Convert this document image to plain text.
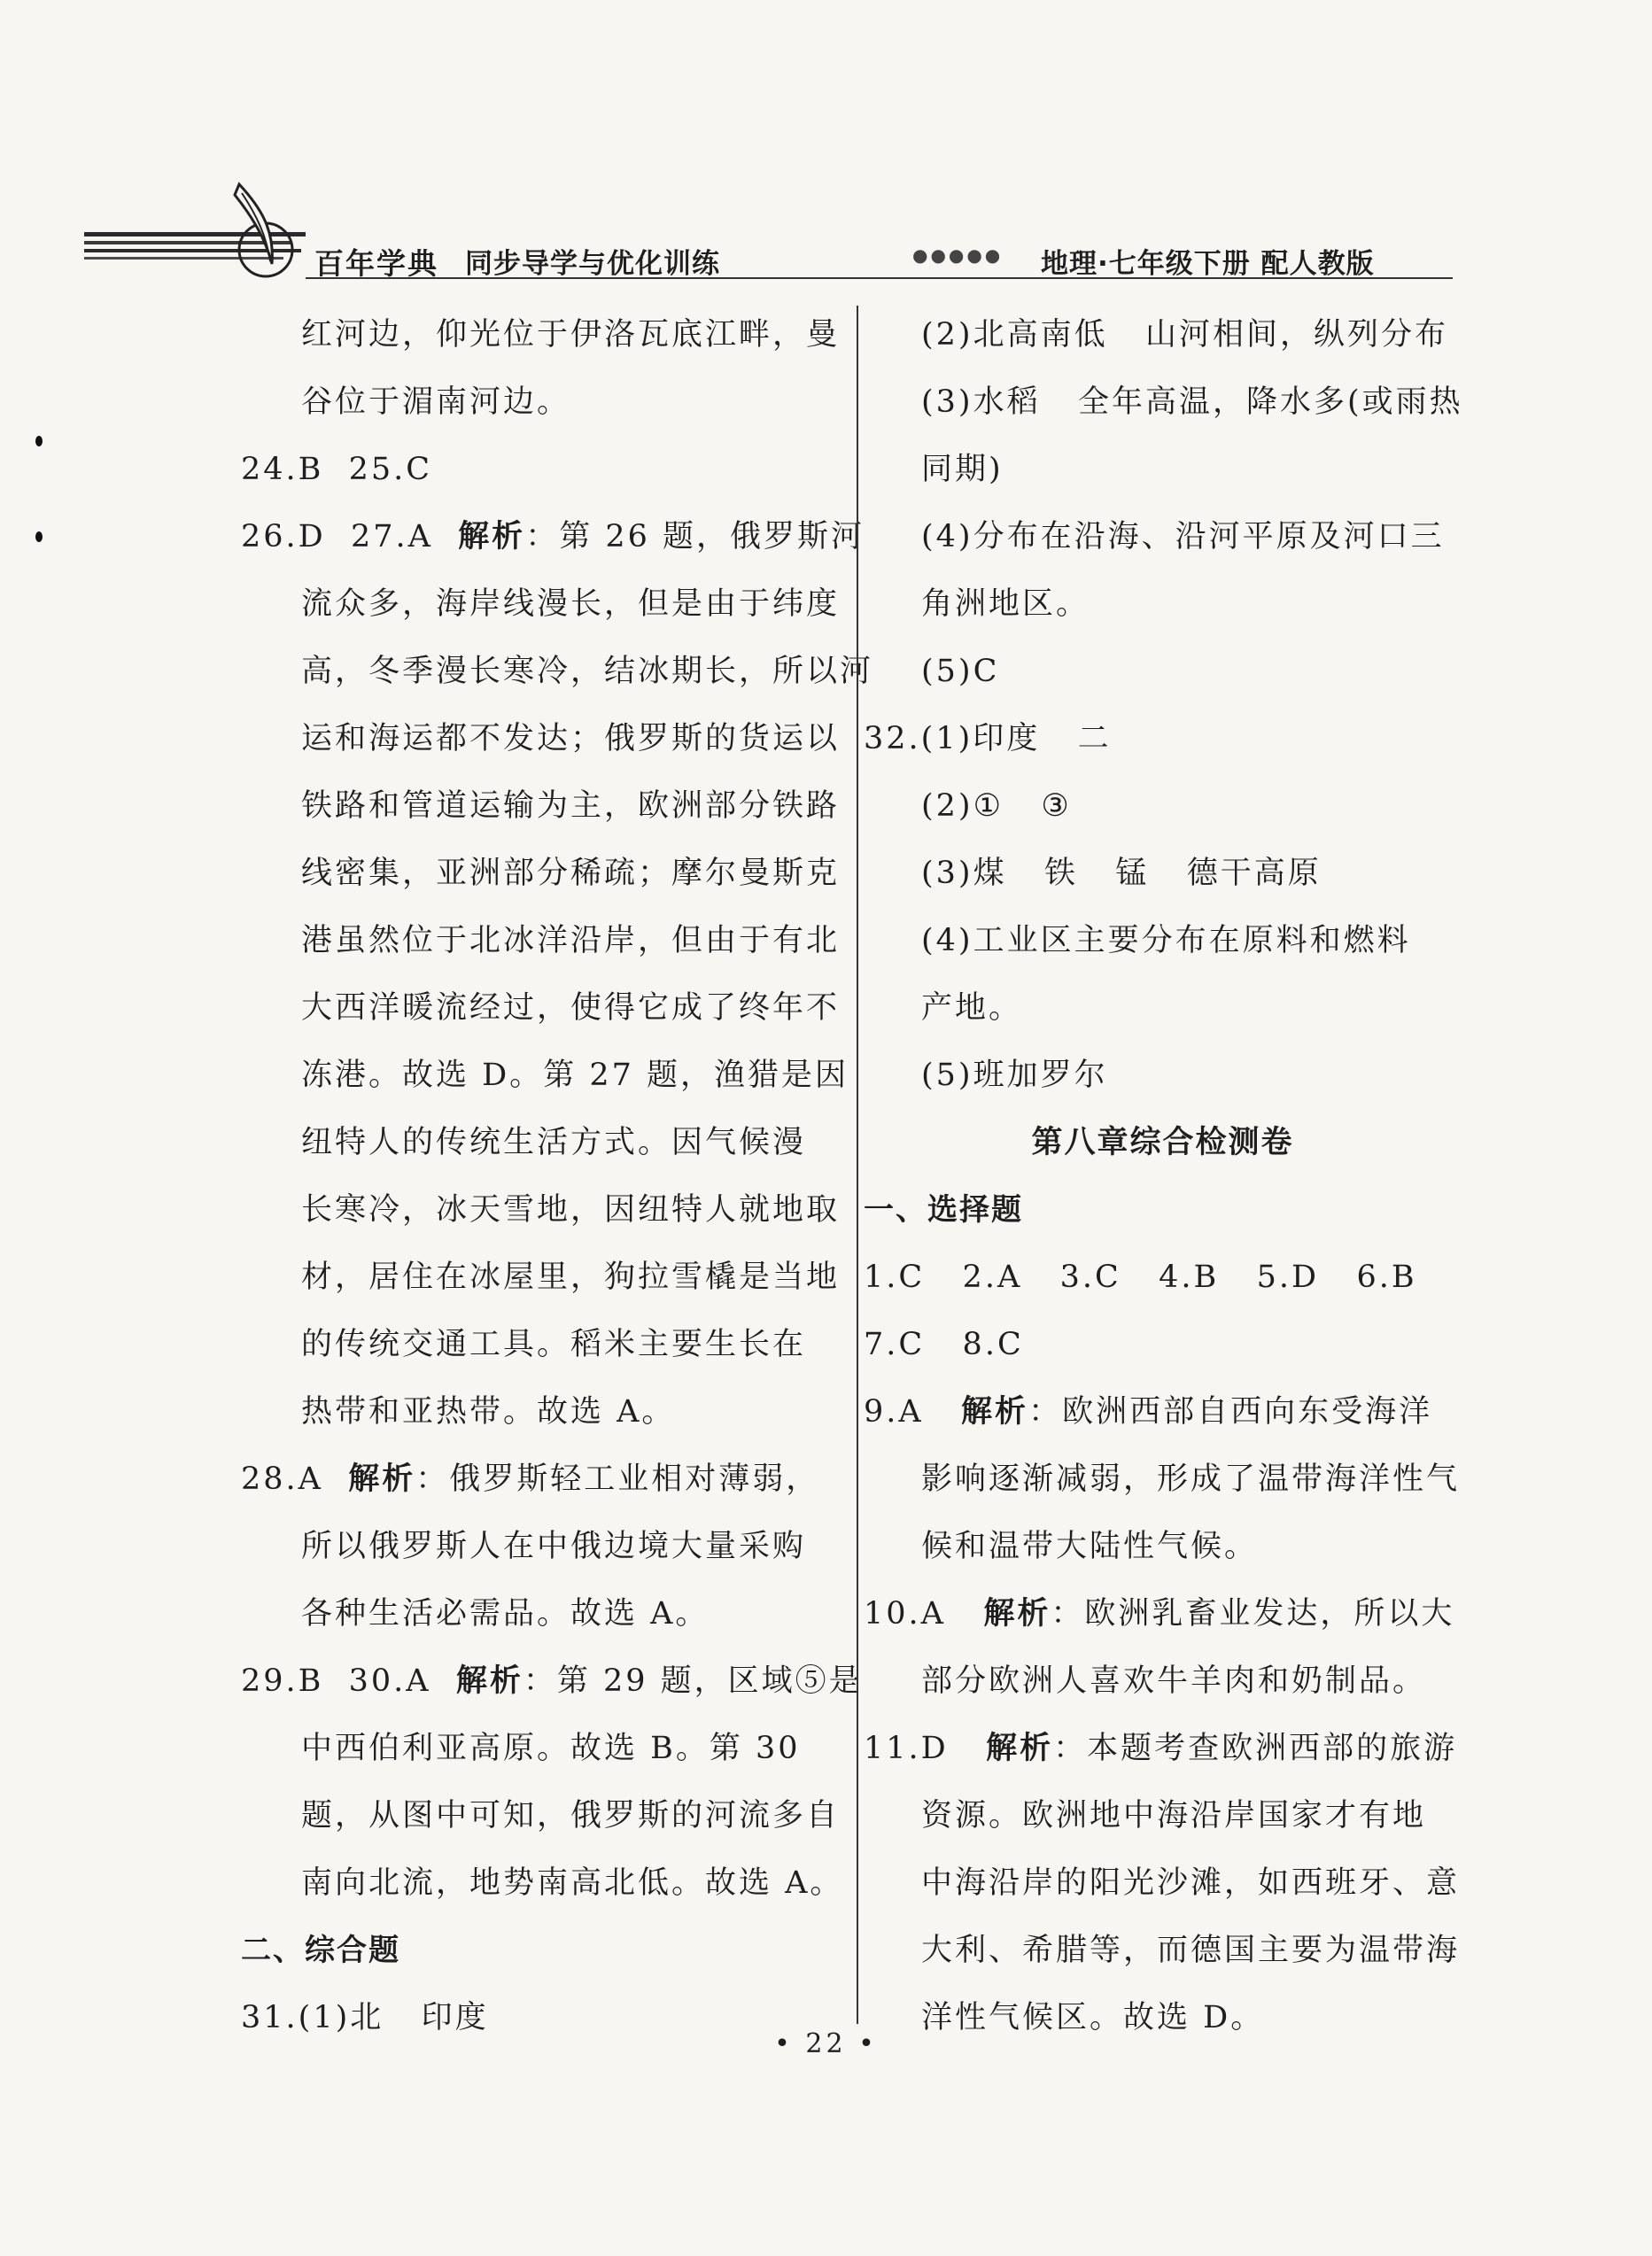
百年学典 同步导学与优化训练	●●●●● 地理·七年级下册 配人教版
红河边，仰光位于伊洛瓦底江畔，曼
谷位于湄南河边。
24.B  25.C
26.D  27.A  解析：第 26 题，俄罗斯河
流众多，海岸线漫长，但是由于纬度
高，冬季漫长寒冷，结冰期长，所以河
运和海运都不发达；俄罗斯的货运以
铁路和管道运输为主，欧洲部分铁路
线密集，亚洲部分稀疏；摩尔曼斯克
港虽然位于北冰洋沿岸，但由于有北
大西洋暖流经过，使得它成了终年不
冻港。故选 D。第 27 题，渔猎是因
纽特人的传统生活方式。因气候漫
长寒冷，冰天雪地，因纽特人就地取
材，居住在冰屋里，狗拉雪橇是当地
的传统交通工具。稻米主要生长在
热带和亚热带。故选 A。
28.A  解析：俄罗斯轻工业相对薄弱，
所以俄罗斯人在中俄边境大量采购
各种生活必需品。故选 A。
29.B  30.A  解析：第 29 题，区域⑤是
中西伯利亚高原。故选 B。第 30
题，从图中可知，俄罗斯的河流多自
南向北流，地势南高北低。故选 A。
二、综合题
31.(1)北   印度
(2)北高南低   山河相间，纵列分布
(3)水稻   全年高温，降水多(或雨热
同期)
(4)分布在沿海、沿河平原及河口三
角洲地区。
(5)C
32.(1)印度   二
(2)①   ③
(3)煤   铁   锰   德干高原
(4)工业区主要分布在原料和燃料
产地。
(5)班加罗尔
第八章综合检测卷
一、选择题
1.C   2.A   3.C   4.B   5.D   6.B
7.C   8.C
9.A   解析：欧洲西部自西向东受海洋
影响逐渐减弱，形成了温带海洋性气
候和温带大陆性气候。
10.A   解析：欧洲乳畜业发达，所以大
部分欧洲人喜欢牛羊肉和奶制品。
11.D   解析：本题考查欧洲西部的旅游
资源。欧洲地中海沿岸国家才有地
中海沿岸的阳光沙滩，如西班牙、意
大利、希腊等，而德国主要为温带海
洋性气候区。故选 D。
• 22 •
